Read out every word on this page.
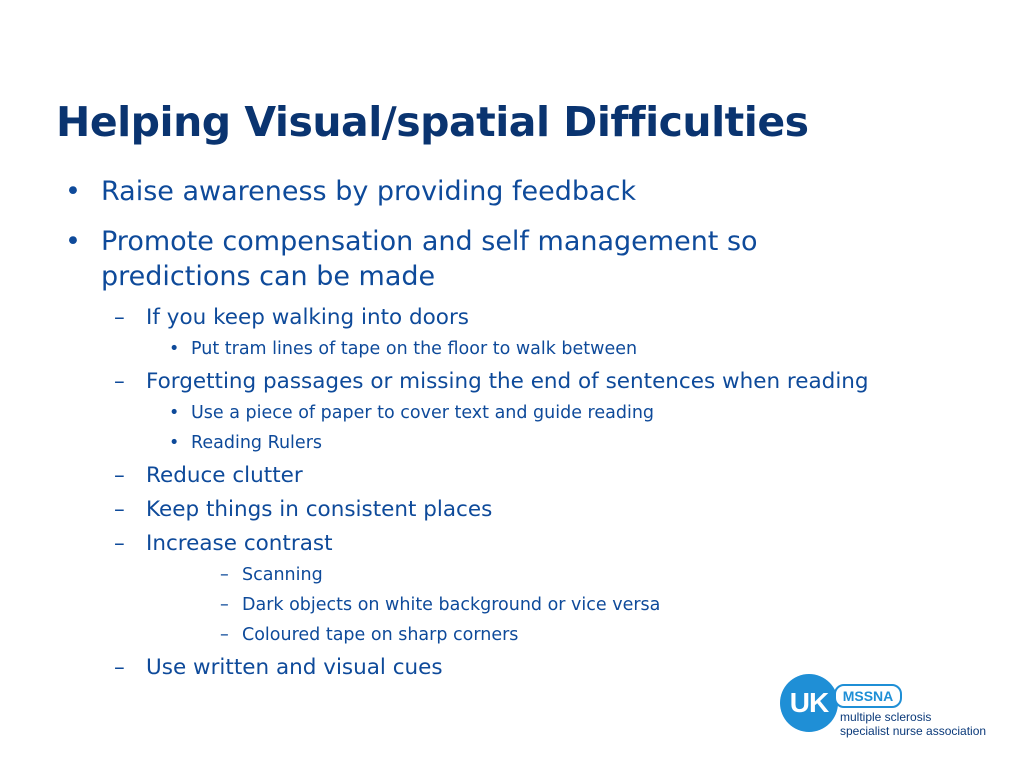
Helping Visual/spatial Difficulties
• Raise awareness by providing feedback
• Promote compensation and self management so
predictions can be made
– If you keep walking into doors
• Put tram lines of tape on the floor to walk between
– Forgetting passages or missing the end of sentences when reading
• Use a piece of paper to cover text and guide reading
• Reading Rulers
– Reduce clutter
– Keep things in consistent places
– Increase contrast
– Scanning
– Dark objects on white background or vice versa
– Coloured tape on sharp corners
– Use written and visual cues
UK	MSSNA
multiple sclerosis
specialist nurse association
